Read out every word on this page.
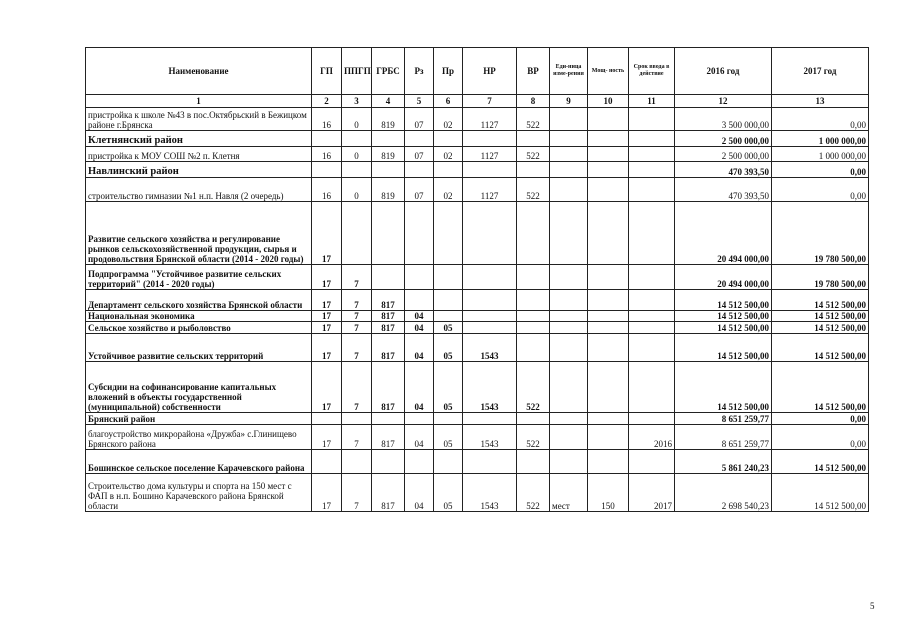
Наименование	ГП	ППГП	ГРБС	Рз	Пр	НР	ВР	Еди-ница изме-рения	Мощ- ность	Срок ввода в действие	2016 год	2017 год
1	2	3	4	5	6	7	8	9	10	11	12	13
пристройка к школе №43 в пос.Октябрьский в Бежицком районе г.Брянска	16	0	819	07	02	1127	522				3 500 000,00	0,00
Клетнянский район											2 500 000,00	1 000 000,00
пристройка к МОУ СОШ №2 п. Клетня	16	0	819	07	02	1127	522				2 500 000,00	1 000 000,00
Навлинский район											470 393,50	0,00
строительство гимназии №1 н.п. Навля (2 очередь)	16	0	819	07	02	1127	522				470 393,50	0,00
Развитие сельского хозяйства и регулирование рынков сельскохозяйственной продукции, сырья и продовольствия Брянской области (2014 - 2020 годы)	17										20 494 000,00	19 780 500,00
Подпрограмма "Устойчивое развитие сельских территорий" (2014 - 2020 годы)	17	7									20 494 000,00	19 780 500,00
Департамент сельского хозяйства Брянской области	17	7	817								14 512 500,00	14 512 500,00
Национальная экономика	17	7	817	04							14 512 500,00	14 512 500,00
Сельское хозяйство и рыболовство	17	7	817	04	05						14 512 500,00	14 512 500,00
Устойчивое развитие сельских территорий	17	7	817	04	05	1543					14 512 500,00	14 512 500,00
Субсидии на софинансирование капитальных вложений в объекты государственной (муниципальной) собственности	17	7	817	04	05	1543	522				14 512 500,00	14 512 500,00
Брянский район											8 651 259,77	0,00
благоустройство микрорайона «Дружба» с.Глинищево Брянского района	17	7	817	04	05	1543	522			2016	8 651 259,77	0,00
Бошинское сельское поселение Карачевского района											5 861 240,23	14 512 500,00
Строительство дома культуры и спорта на 150 мест с ФАП в н.п. Бошино Карачевского района Брянской области	17	7	817	04	05	1543	522	мест	150	2017	2 698 540,23	14 512 500,00
5
